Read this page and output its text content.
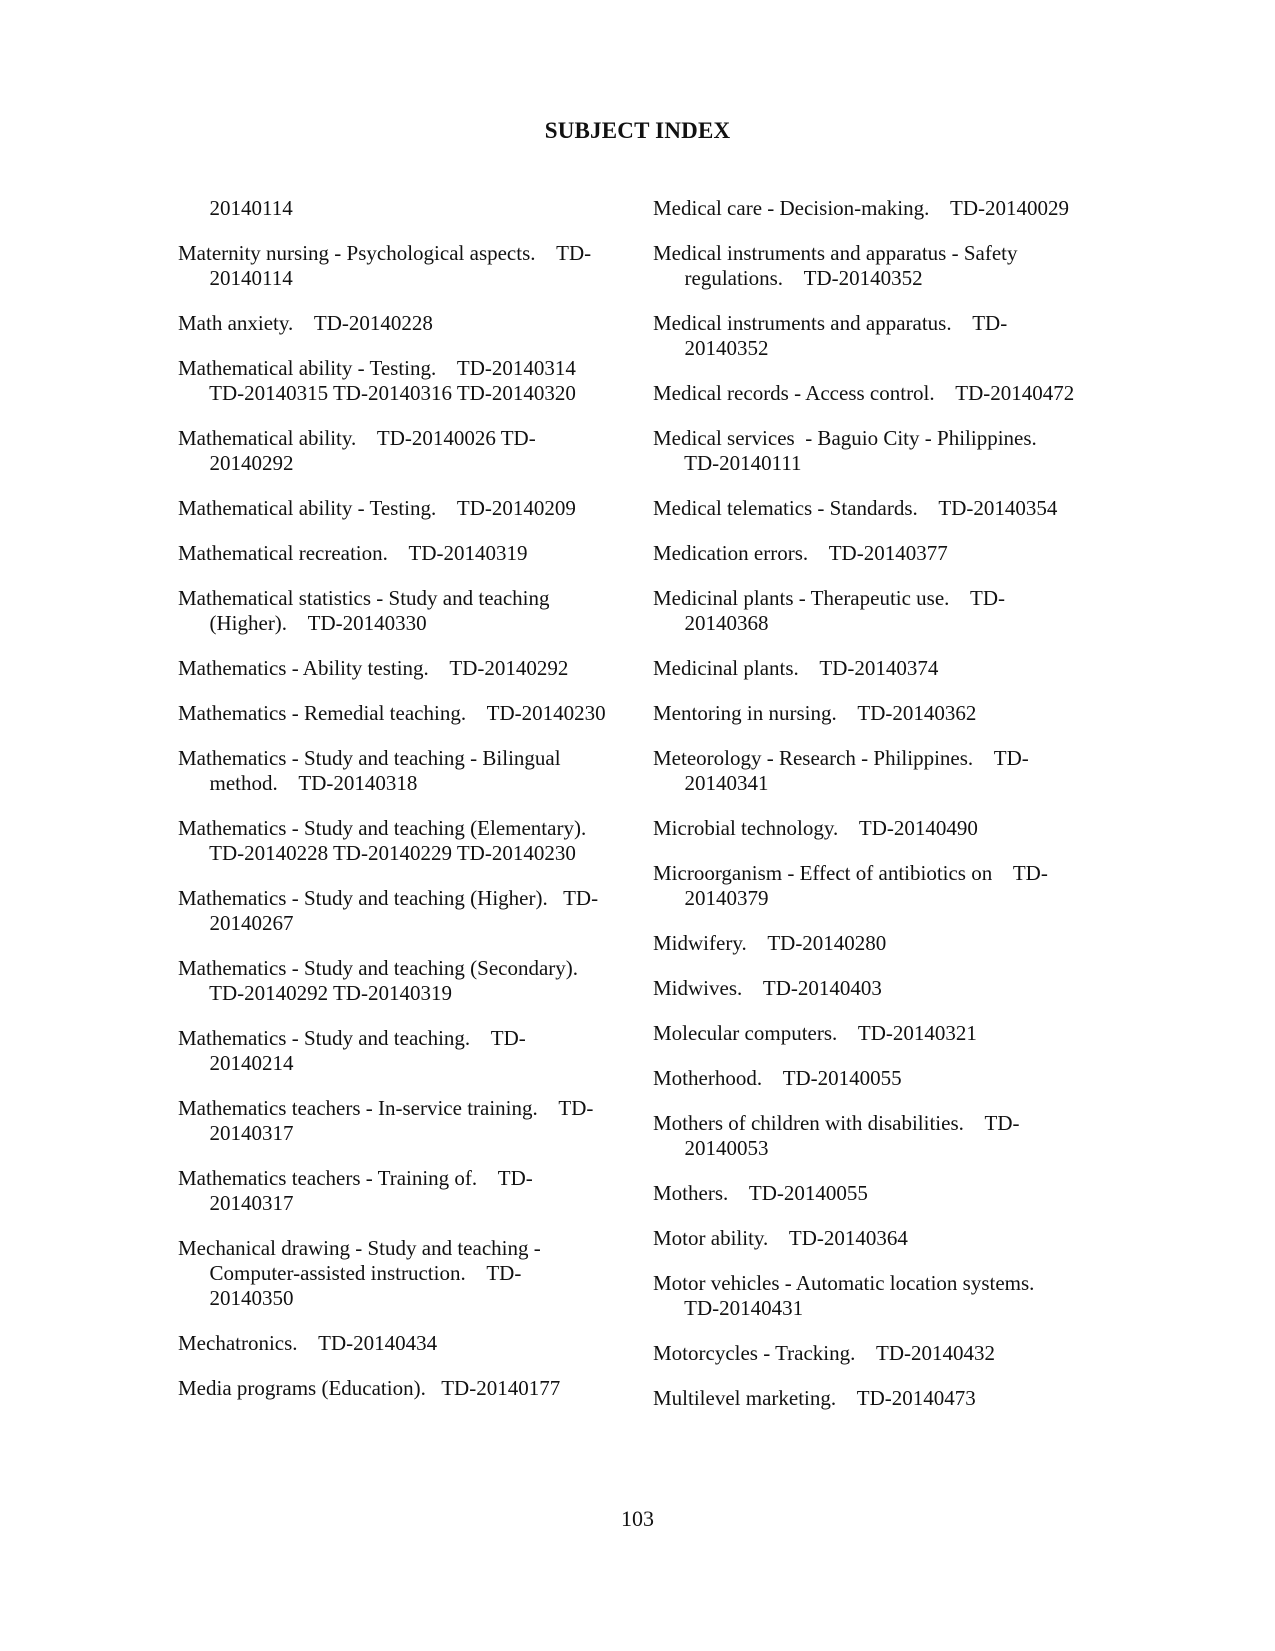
SUBJECT INDEX
20140114
Maternity nursing - Psychological aspects.    TD-
20140114
Math anxiety.    TD-20140228
Mathematical ability - Testing.    TD-20140314
TD-20140315 TD-20140316 TD-20140320
Mathematical ability.    TD-20140026 TD-
20140292
Mathematical ability - Testing.    TD-20140209
Mathematical recreation.    TD-20140319
Mathematical statistics - Study and teaching
(Higher).    TD-20140330
Mathematics - Ability testing.    TD-20140292
Mathematics - Remedial teaching.    TD-20140230
Mathematics - Study and teaching - Bilingual
method.    TD-20140318
Mathematics - Study and teaching (Elementary).
TD-20140228 TD-20140229 TD-20140230
Mathematics - Study and teaching (Higher).   TD-
20140267
Mathematics - Study and teaching (Secondary).
TD-20140292 TD-20140319
Mathematics - Study and teaching.    TD-
20140214
Mathematics teachers - In-service training.    TD-
20140317
Mathematics teachers - Training of.    TD-
20140317
Mechanical drawing - Study and teaching -
Computer-assisted instruction.    TD-
20140350
Mechatronics.    TD-20140434
Media programs (Education).   TD-20140177
Medical care - Decision-making.    TD-20140029
Medical instruments and apparatus - Safety
regulations.    TD-20140352
Medical instruments and apparatus.    TD-
20140352
Medical records - Access control.    TD-20140472
Medical services  - Baguio City - Philippines.
TD-20140111
Medical telematics - Standards.    TD-20140354
Medication errors.    TD-20140377
Medicinal plants - Therapeutic use.    TD-
20140368
Medicinal plants.    TD-20140374
Mentoring in nursing.    TD-20140362
Meteorology - Research - Philippines.    TD-
20140341
Microbial technology.    TD-20140490
Microorganism - Effect of antibiotics on    TD-
20140379
Midwifery.    TD-20140280
Midwives.    TD-20140403
Molecular computers.    TD-20140321
Motherhood.    TD-20140055
Mothers of children with disabilities.    TD-
20140053
Mothers.    TD-20140055
Motor ability.    TD-20140364
Motor vehicles - Automatic location systems.
TD-20140431
Motorcycles - Tracking.    TD-20140432
Multilevel marketing.    TD-20140473
103
